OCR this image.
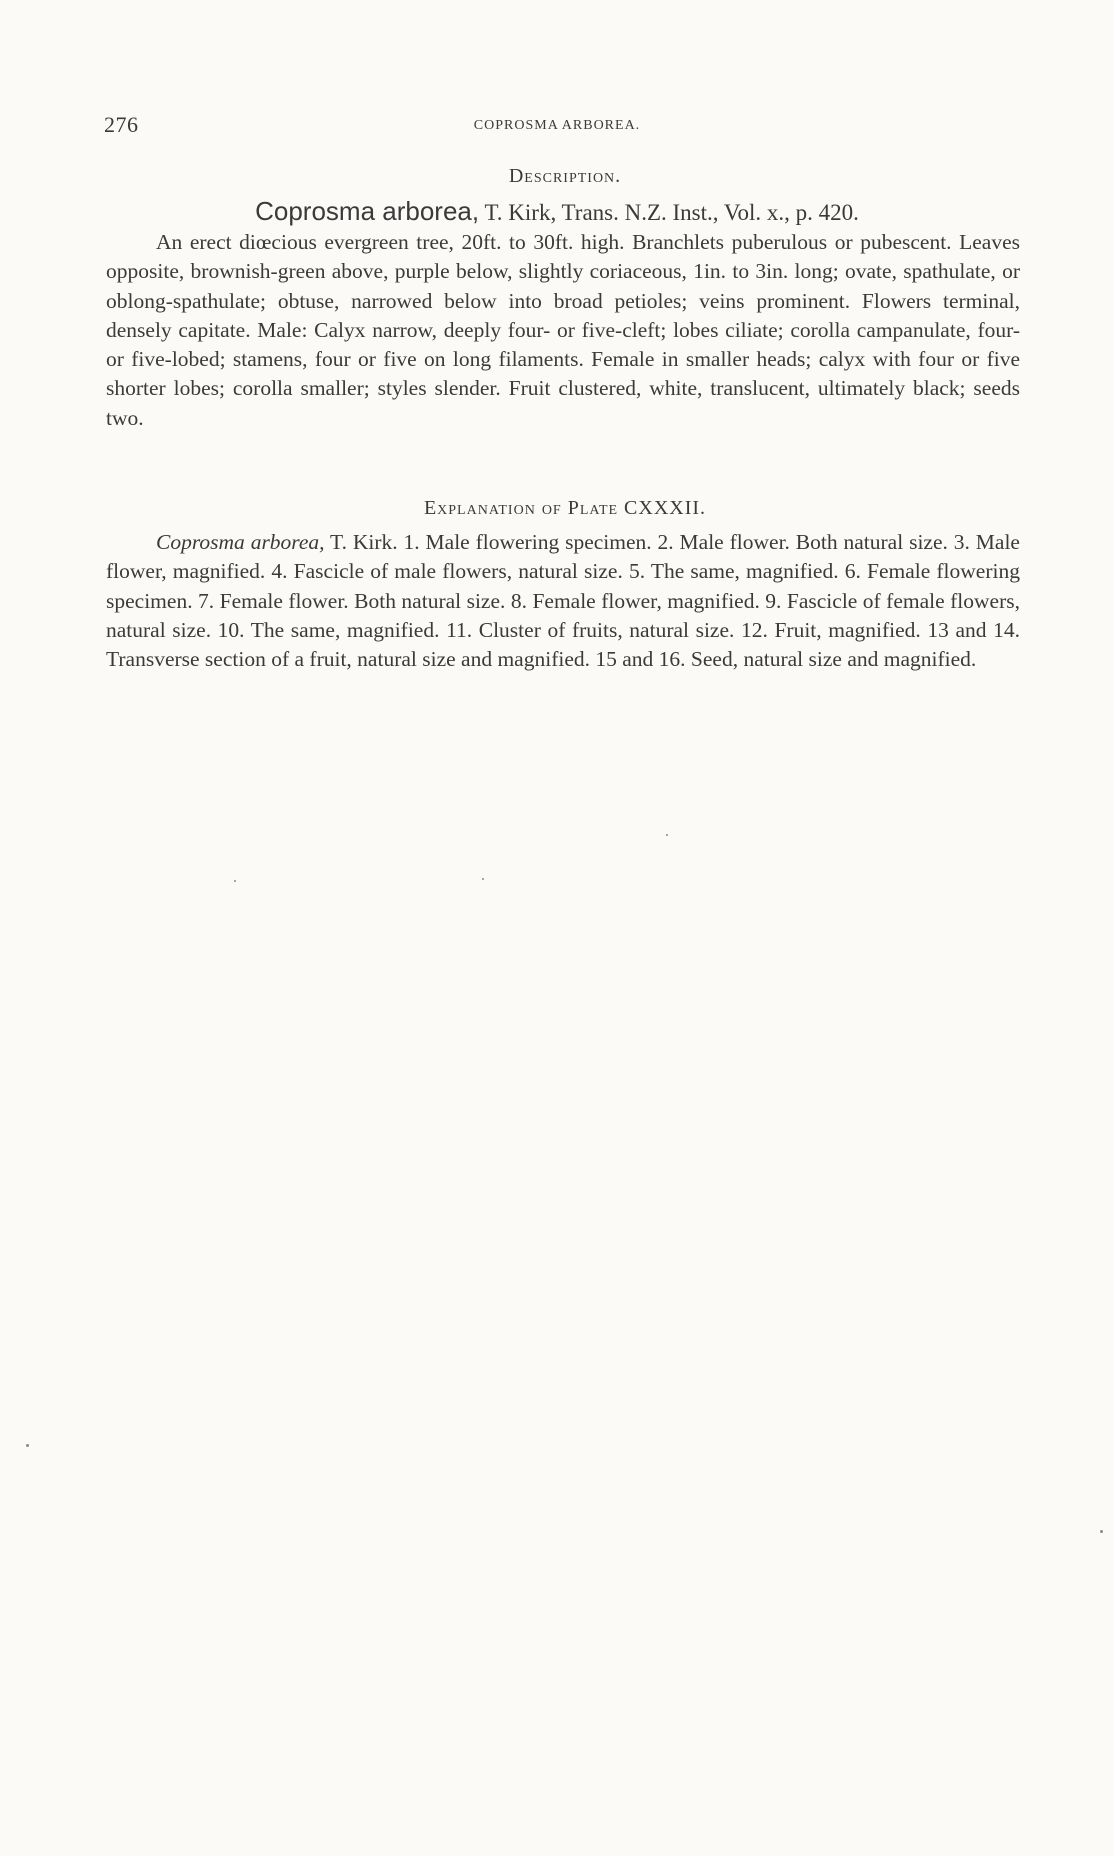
276	COPROSMA ARBOREA.
Description.
Coprosma arborea, T. Kirk, Trans. N.Z. Inst., Vol. x., p. 420.

An erect diœcious evergreen tree, 20ft. to 30ft. high. Branchlets puberulous or pubescent. Leaves opposite, brownish-green above, purple below, slightly coriaceous, 1in. to 3in. long; ovate, spathulate, or oblong-spathulate; obtuse, narrowed below into broad petioles; veins prominent. Flowers terminal, densely capitate. Male: Calyx narrow, deeply four- or five-cleft; lobes ciliate; corolla campanulate, four- or five-lobed; stamens, four or five on long filaments. Female in smaller heads; calyx with four or five shorter lobes; corolla smaller; styles slender. Fruit clustered, white, translucent, ultimately black; seeds two.

Explanation of Plate CXXXII.

Coprosma arborea, T. Kirk. 1. Male flowering specimen. 2. Male flower. Both natural size. 3. Male flower, magnified. 4. Fascicle of male flowers, natural size. 5. The same, magnified. 6. Female flowering specimen. 7. Female flower. Both natural size. 8. Female flower, magnified. 9. Fascicle of female flowers, natural size. 10. The same, magnified. 11. Cluster of fruits, natural size. 12. Fruit, magnified. 13 and 14. Transverse section of a fruit, natural size and magnified. 15 and 16. Seed, natural size and magnified.
